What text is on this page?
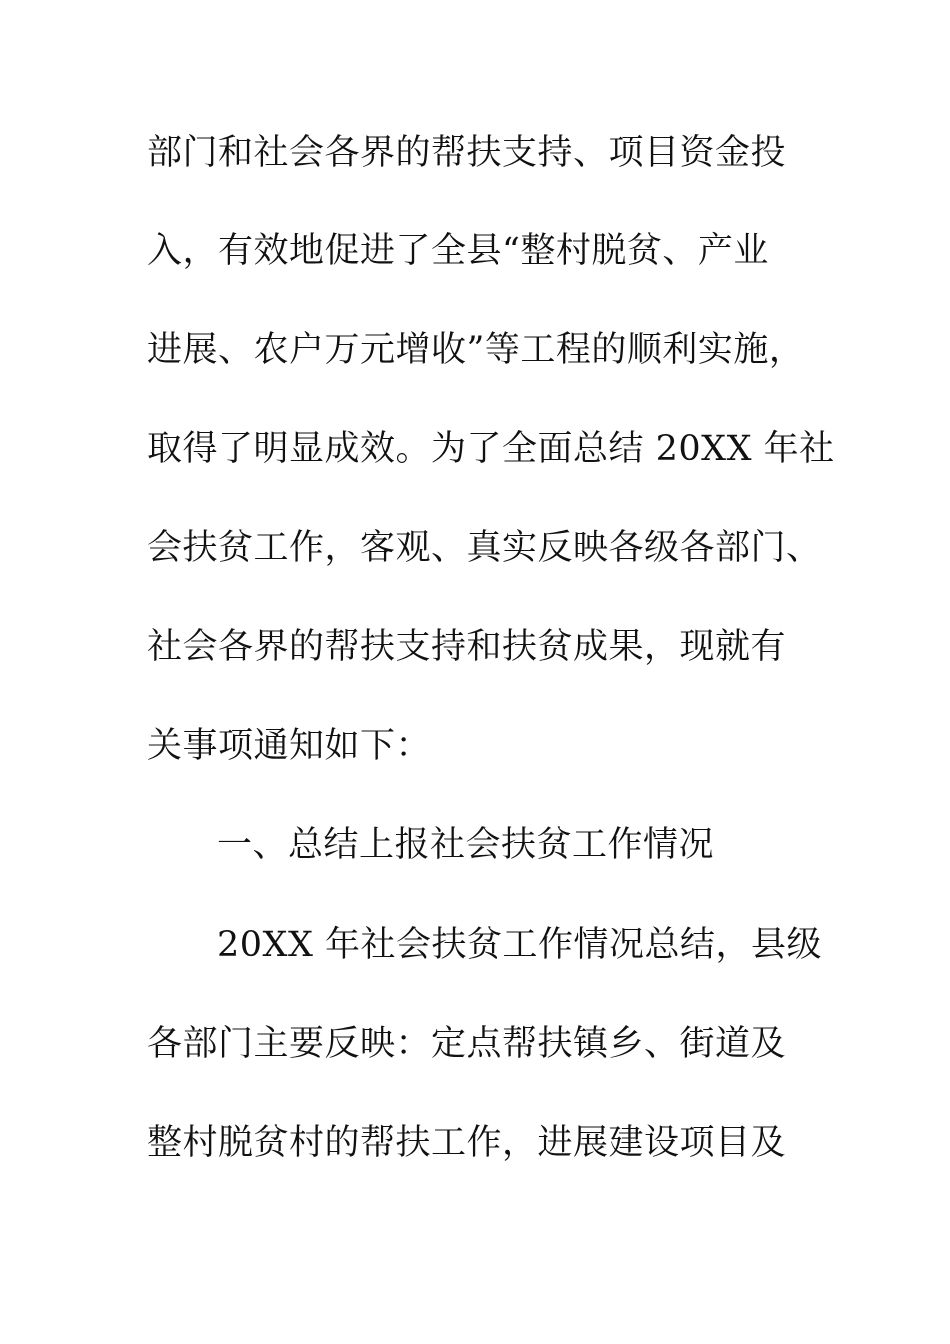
部门和社会各界的帮扶支持、项目资金投

入，有效地促进了全县“整村脱贫、产业

进展、农户万元增收”等工程的顺利实施，

取得了明显成效。为了全面总结 20XX 年社

会扶贫工作，客观、真实反映各级各部门、

社会各界的帮扶支持和扶贫成果，现就有

关事项通知如下：

一、总结上报社会扶贫工作情况

20XX 年社会扶贫工作情况总结，县级

各部门主要反映：定点帮扶镇乡、街道及

整村脱贫村的帮扶工作，进展建设项目及
